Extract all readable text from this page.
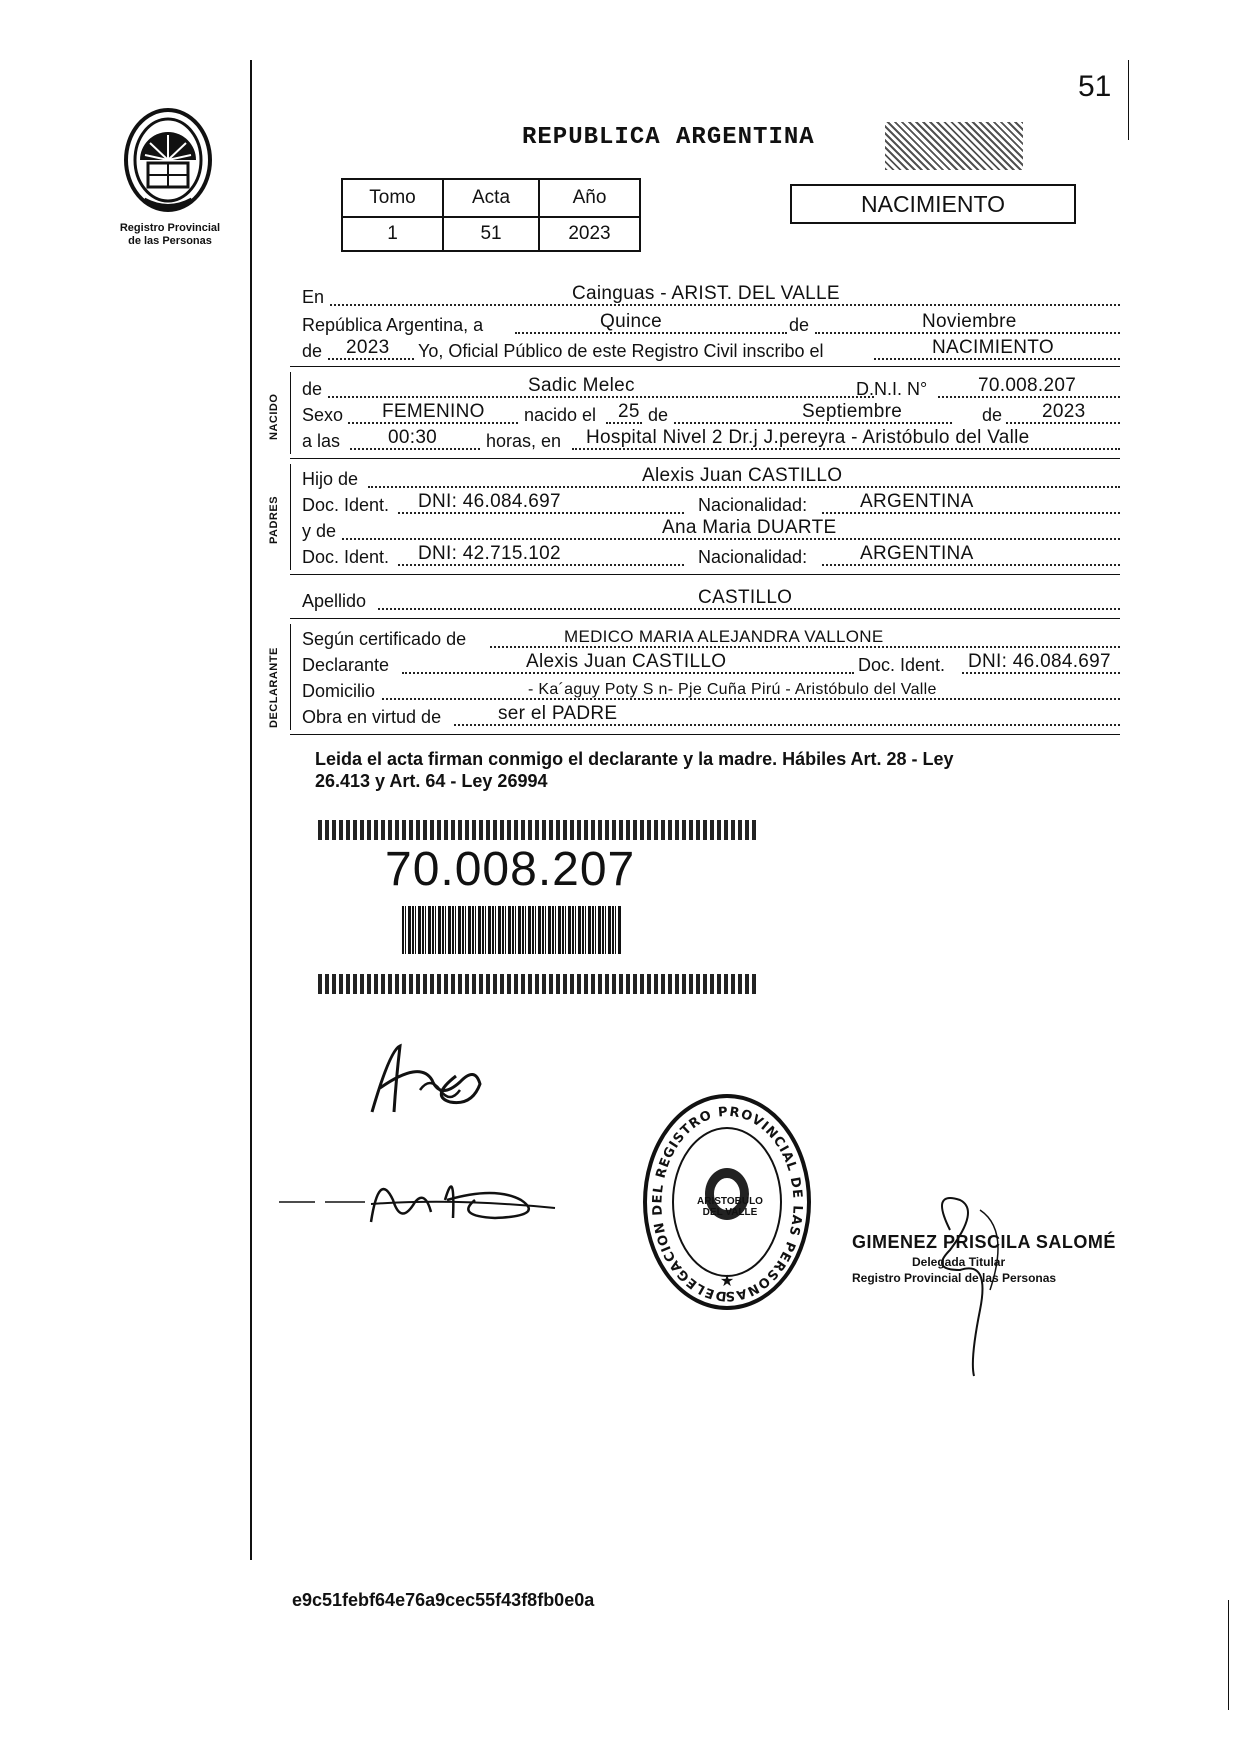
51
Registro Provincial
de las Personas
REPUBLICA ARGENTINA
Tomo	Acta	Año
1	51	2023
NACIMIENTO
En	Cainguas - ARIST. DEL VALLE
República Argentina, a	Quince	de	Noviembre
de 2023 Yo, Oficial Público de este Registro Civil inscribo el	NACIMIENTO
NACIDO
de	Sadic Melec	D.N.I. N°	70.008.207
Sexo FEMENINO nacido el 25 de	Septiembre	de 2023
a las	00:30	horas, en Hospital Nivel 2 Dr.j J.pereyra - Aristóbulo del Valle
PADRES
Hijo de	Alexis Juan CASTILLO
Doc. Ident. DNI: 46.084.697	Nacionalidad:	ARGENTINA
y de	Ana Maria DUARTE
Doc. Ident. DNI: 42.715.102	Nacionalidad:	ARGENTINA
Apellido	CASTILLO
DECLARANTE
Según certificado de	MEDICO MARIA ALEJANDRA VALLONE
Declarante	Alexis Juan CASTILLO	Doc. Ident. DNI: 46.084.697
Domicilio	- Ka´aguy Poty S n- Pje Cuña Pirú - Aristóbulo del Valle
Obra en virtud de	ser el PADRE
Leida el acta firman conmigo el declarante y la madre. Hábiles Art. 28 - Ley
26.413 y Art. 64 - Ley 26994
70.008.207
DELEGACION DEL REGISTRO PROVINCIAL DE LAS PERSONAS
★
ARISTOBULO DEL VALLE
GIMENEZ PRISCILA SALOMÉ
Delegada Titular
Registro Provincial de las Personas
e9c51febf64e76a9cec55f43f8fb0e0a
